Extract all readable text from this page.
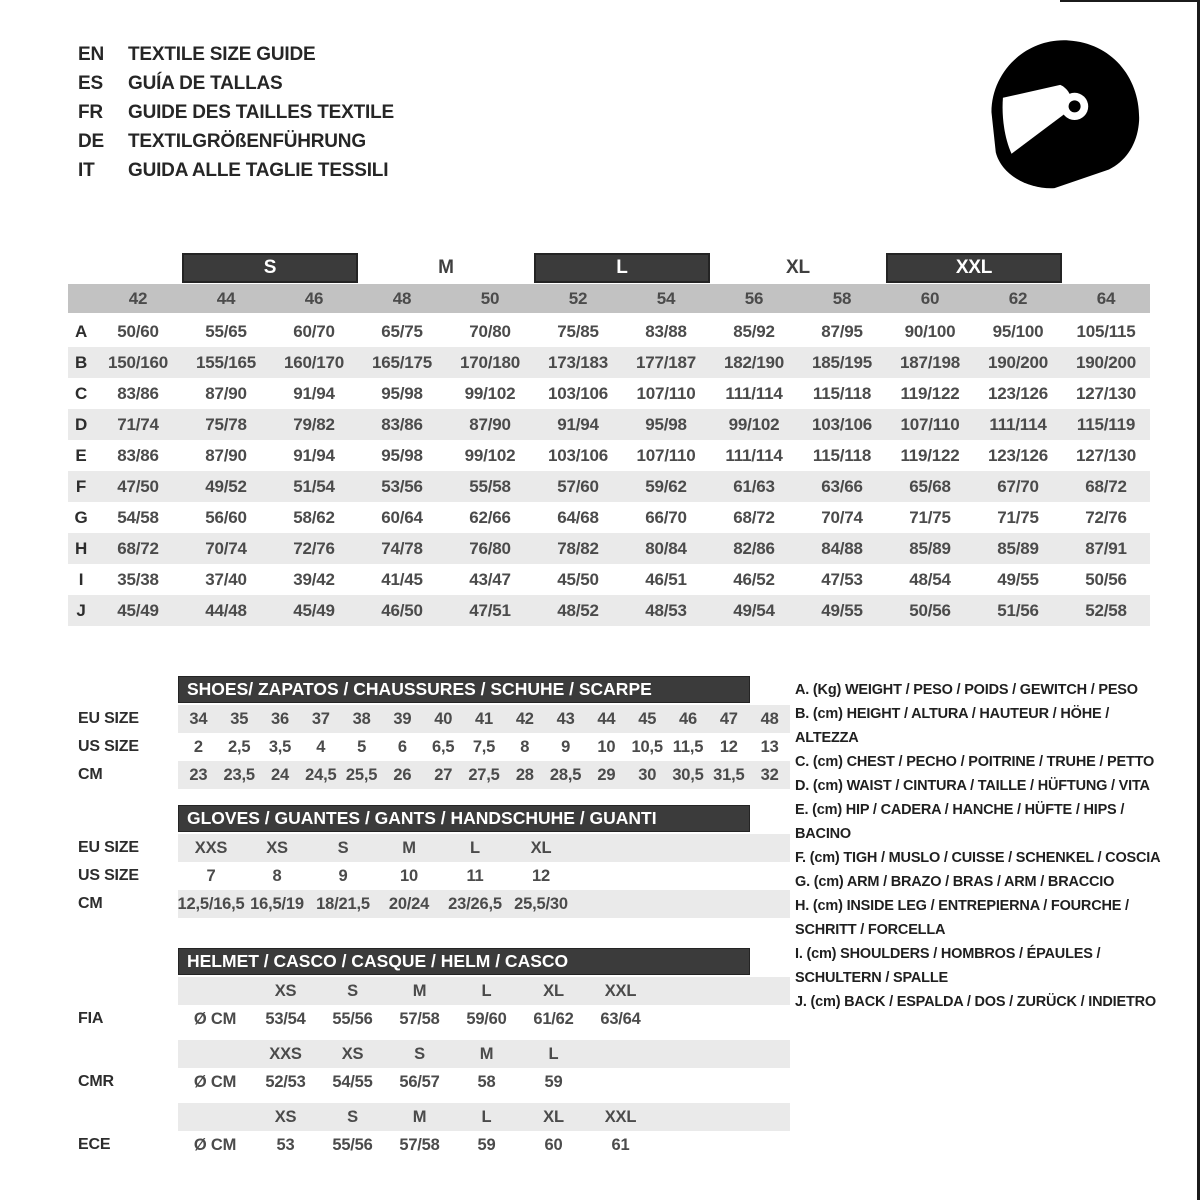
EN	TEXTILE SIZE GUIDE
ES	GUÍA DE TALLAS
FR	GUIDE DES TAILLES TEXTILE
DE	TEXTILGRÖßENFÜHRUNG
IT	GUIDA ALLE TAGLIE TESSILI
S	M	L	XL	XXL
42	44	46	48	50	52	54	56	58	60	62	64
A	50/60	55/65	60/70	65/75	70/80	75/85	83/88	85/92	87/95	90/100	95/100	105/115
B	150/160	155/165	160/170	165/175	170/180	173/183	177/187	182/190	185/195	187/198	190/200	190/200
C	83/86	87/90	91/94	95/98	99/102	103/106	107/110	111/114	115/118	119/122	123/126	127/130
D	71/74	75/78	79/82	83/86	87/90	91/94	95/98	99/102	103/106	107/110	111/114	115/119
E	83/86	87/90	91/94	95/98	99/102	103/106	107/110	111/114	115/118	119/122	123/126	127/130
F	47/50	49/52	51/54	53/56	55/58	57/60	59/62	61/63	63/66	65/68	67/70	68/72
G	54/58	56/60	58/62	60/64	62/66	64/68	66/70	68/72	70/74	71/75	71/75	72/76
H	68/72	70/74	72/76	74/78	76/80	78/82	80/84	82/86	84/88	85/89	85/89	87/91
I	35/38	37/40	39/42	41/45	43/47	45/50	46/51	46/52	47/53	48/54	49/55	50/56
J	45/49	44/48	45/49	46/50	47/51	48/52	48/53	49/54	49/55	50/56	51/56	52/58
SHOES/ ZAPATOS / CHAUSSURES / SCHUHE / SCARPE
EU SIZE	34	35	36	37	38	39	40	41	42	43	44	45	46	47	48
US SIZE	2	2,5	3,5	4	5	6	6,5	7,5	8	9	10 10,5 11,5	12	13
CM	23 23,5 24 24,5 25,5 26	27 27,5 28 28,5 29	30 30,5 31,5 32
GLOVES / GUANTES / GANTS / HANDSCHUHE / GUANTI
EU SIZE	XXS	XS	S	M	L	XL
US SIZE	7	8	9	10	11	12
CM	12,5/16,5 16,5/19 18/21,5	20/24	23/26,5 25,5/30
HELMET / CASCO / CASQUE / HELM / CASCO
XS	S	M	L	XL	XXL
FIA	Ø CM	53/54	55/56	57/58	59/60	61/62	63/64
XXS	XS	S	M	L
CMR	Ø CM	52/53	54/55	56/57	58	59
XS	S	M	L	XL	XXL
ECE	Ø CM	53	55/56	57/58	59	60	61
A. (Kg) WEIGHT / PESO / POIDS / GEWITCH / PESO
B. (cm) HEIGHT / ALTURA / HAUTEUR / HÖHE / ALTEZZA
C. (cm) CHEST / PECHO / POITRINE / TRUHE / PETTO
D. (cm) WAIST / CINTURA / TAILLE / HÜFTUNG / VITA
E. (cm) HIP / CADERA / HANCHE / HÜFTE / HIPS / BACINO
F. (cm) TIGH / MUSLO / CUISSE / SCHENKEL / COSCIA
G. (cm) ARM / BRAZO / BRAS / ARM / BRACCIO
H. (cm) INSIDE LEG / ENTREPIERNA / FOURCHE / SCHRITT / FORCELLA
I. (cm) SHOULDERS / HOMBROS / ÉPAULES / SCHULTERN / SPALLE
J. (cm) BACK / ESPALDA / DOS / ZURÜCK / INDIETRO
